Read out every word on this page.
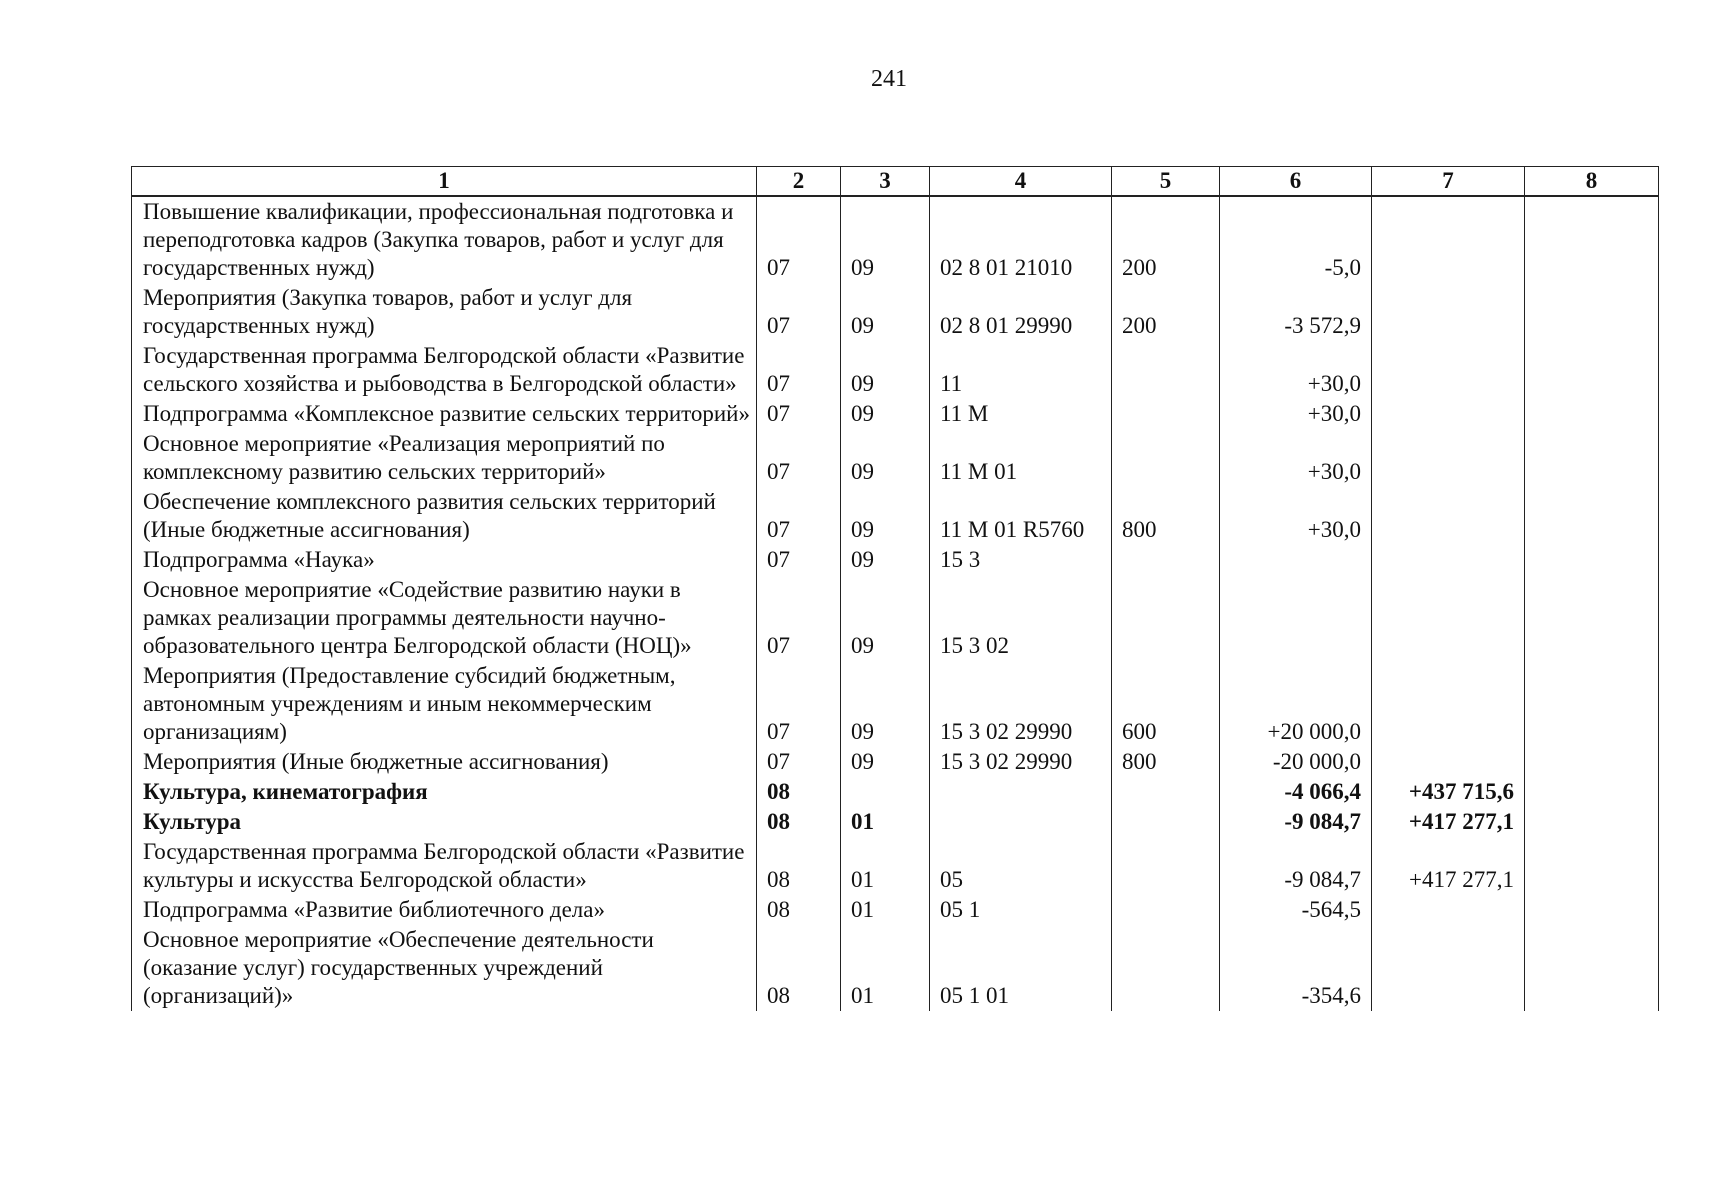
241
1	2	3	4	5	6	7	8
Повышение квалификации, профессиональная подготовка и переподготовка кадров (Закупка товаров, работ и услуг для государственных нужд)	07	09	02 8 01 21010	200	-5,0		
Мероприятия (Закупка товаров, работ и услуг для государственных нужд)	07	09	02 8 01 29990	200	-3 572,9		
Государственная программа Белгородской области «Развитие сельского хозяйства и рыбоводства в Белгородской области»	07	09	11		+30,0		
Подпрограмма «Комплексное развитие сельских территорий»	07	09	11 М		+30,0		
Основное мероприятие «Реализация мероприятий по комплексному развитию сельских территорий»	07	09	11 М 01		+30,0		
Обеспечение комплексного развития сельских территорий (Иные бюджетные ассигнования)	07	09	11 М 01 R5760	800	+30,0		
Подпрограмма «Наука»	07	09	15 3				
Основное мероприятие «Содействие развитию науки в рамках реализации программы деятельности научно-образовательного центра Белгородской области (НОЦ)»	07	09	15 3 02				
Мероприятия (Предоставление субсидий бюджетным, автономным учреждениям и иным некоммерческим организациям)	07	09	15 3 02 29990	600	+20 000,0		
Мероприятия (Иные бюджетные ассигнования)	07	09	15 3 02 29990	800	-20 000,0		
Культура, кинематография	08				-4 066,4	+437 715,6	
Культура	08	01			-9 084,7	+417 277,1	
Государственная программа Белгородской области «Развитие культуры и искусства Белгородской области»	08	01	05		-9 084,7	+417 277,1	
Подпрограмма «Развитие библиотечного дела»	08	01	05 1		-564,5		
Основное мероприятие «Обеспечение деятельности (оказание услуг) государственных учреждений (организаций)»	08	01	05 1 01		-354,6		
